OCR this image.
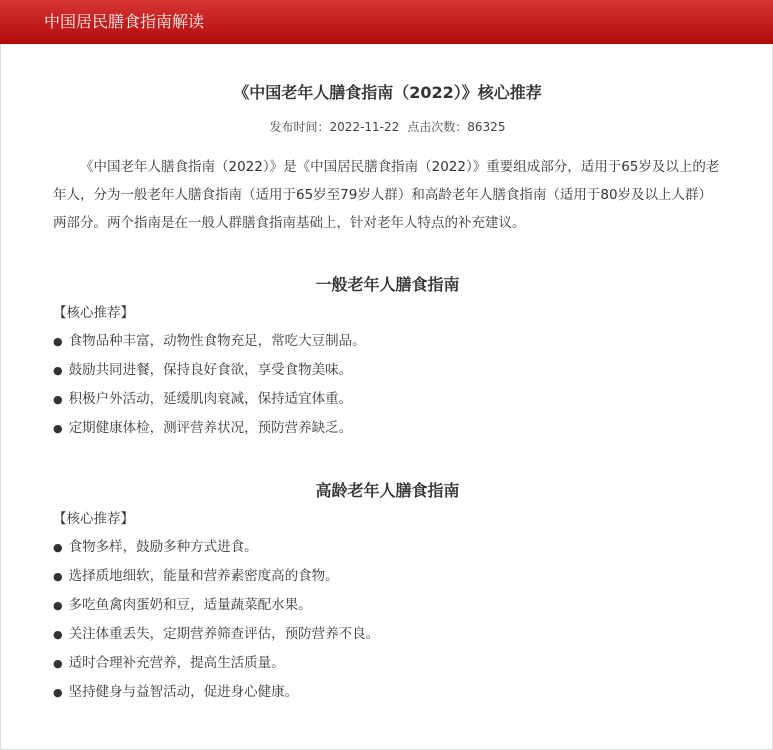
中国居民膳食指南解读
《中国老年人膳食指南（2022）》核心推荐
发布时间：2022-11-22 点击次数：86325

《中国老年人膳食指南（2022）》是《中国居民膳食指南（2022）》重要组成部分，适用于65岁及以上的老年人，分为一般老年人膳食指南（适用于65岁至79岁人群）和高龄老年人膳食指南（适用于80岁及以上人群）两部分。两个指南是在一般人群膳食指南基础上，针对老年人特点的补充建议。

一般老年人膳食指南
【核心推荐】
● 食物品种丰富，动物性食物充足，常吃大豆制品。
● 鼓励共同进餐，保持良好食欲，享受食物美味。
● 积极户外活动，延缓肌肉衰减，保持适宜体重。
● 定期健康体检，测评营养状况，预防营养缺乏。
高龄老年人膳食指南
【核心推荐】
● 食物多样，鼓励多种方式进食。
● 选择质地细软，能量和营养素密度高的食物。
● 多吃鱼禽肉蛋奶和豆，适量蔬菜配水果。
● 关注体重丢失，定期营养筛查评估，预防营养不良。
● 适时合理补充营养，提高生活质量。
● 坚持健身与益智活动，促进身心健康。
